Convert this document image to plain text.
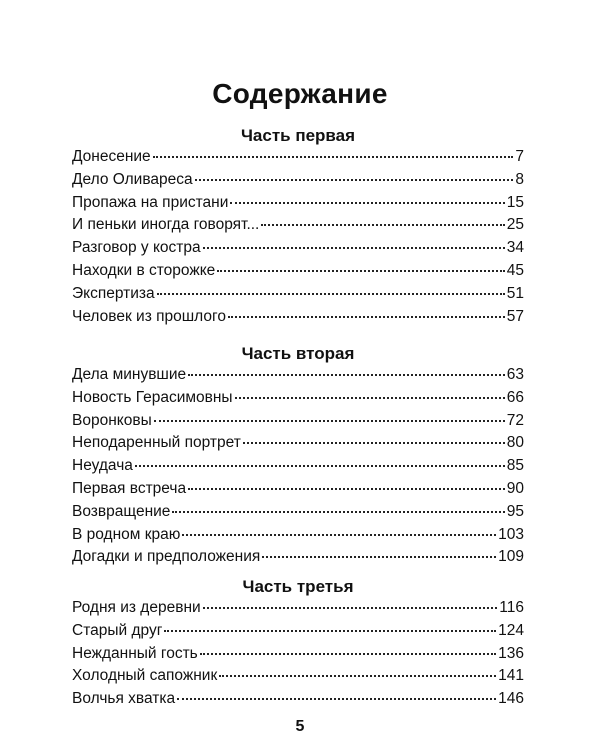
Содержание
Часть первая
Донесение	7
Дело Оливареса	8
Пропажа на пристани	15
И пеньки иногда говорят...	25
Разговор у костра	34
Находки в сторожке	45
Экспертиза	51
Человек из прошлого	57
Часть вторая
Дела минувшие	63
Новость Герасимовны	66
Воронковы	72
Неподаренный портрет	80
Неудача	85
Первая встреча	90
Возвращение	95
В родном краю	103
Догадки и предположения	109
Часть третья
Родня из деревни	116
Старый друг	124
Нежданный гость	136
Холодный сапожник	141
Волчья хватка	146
5
